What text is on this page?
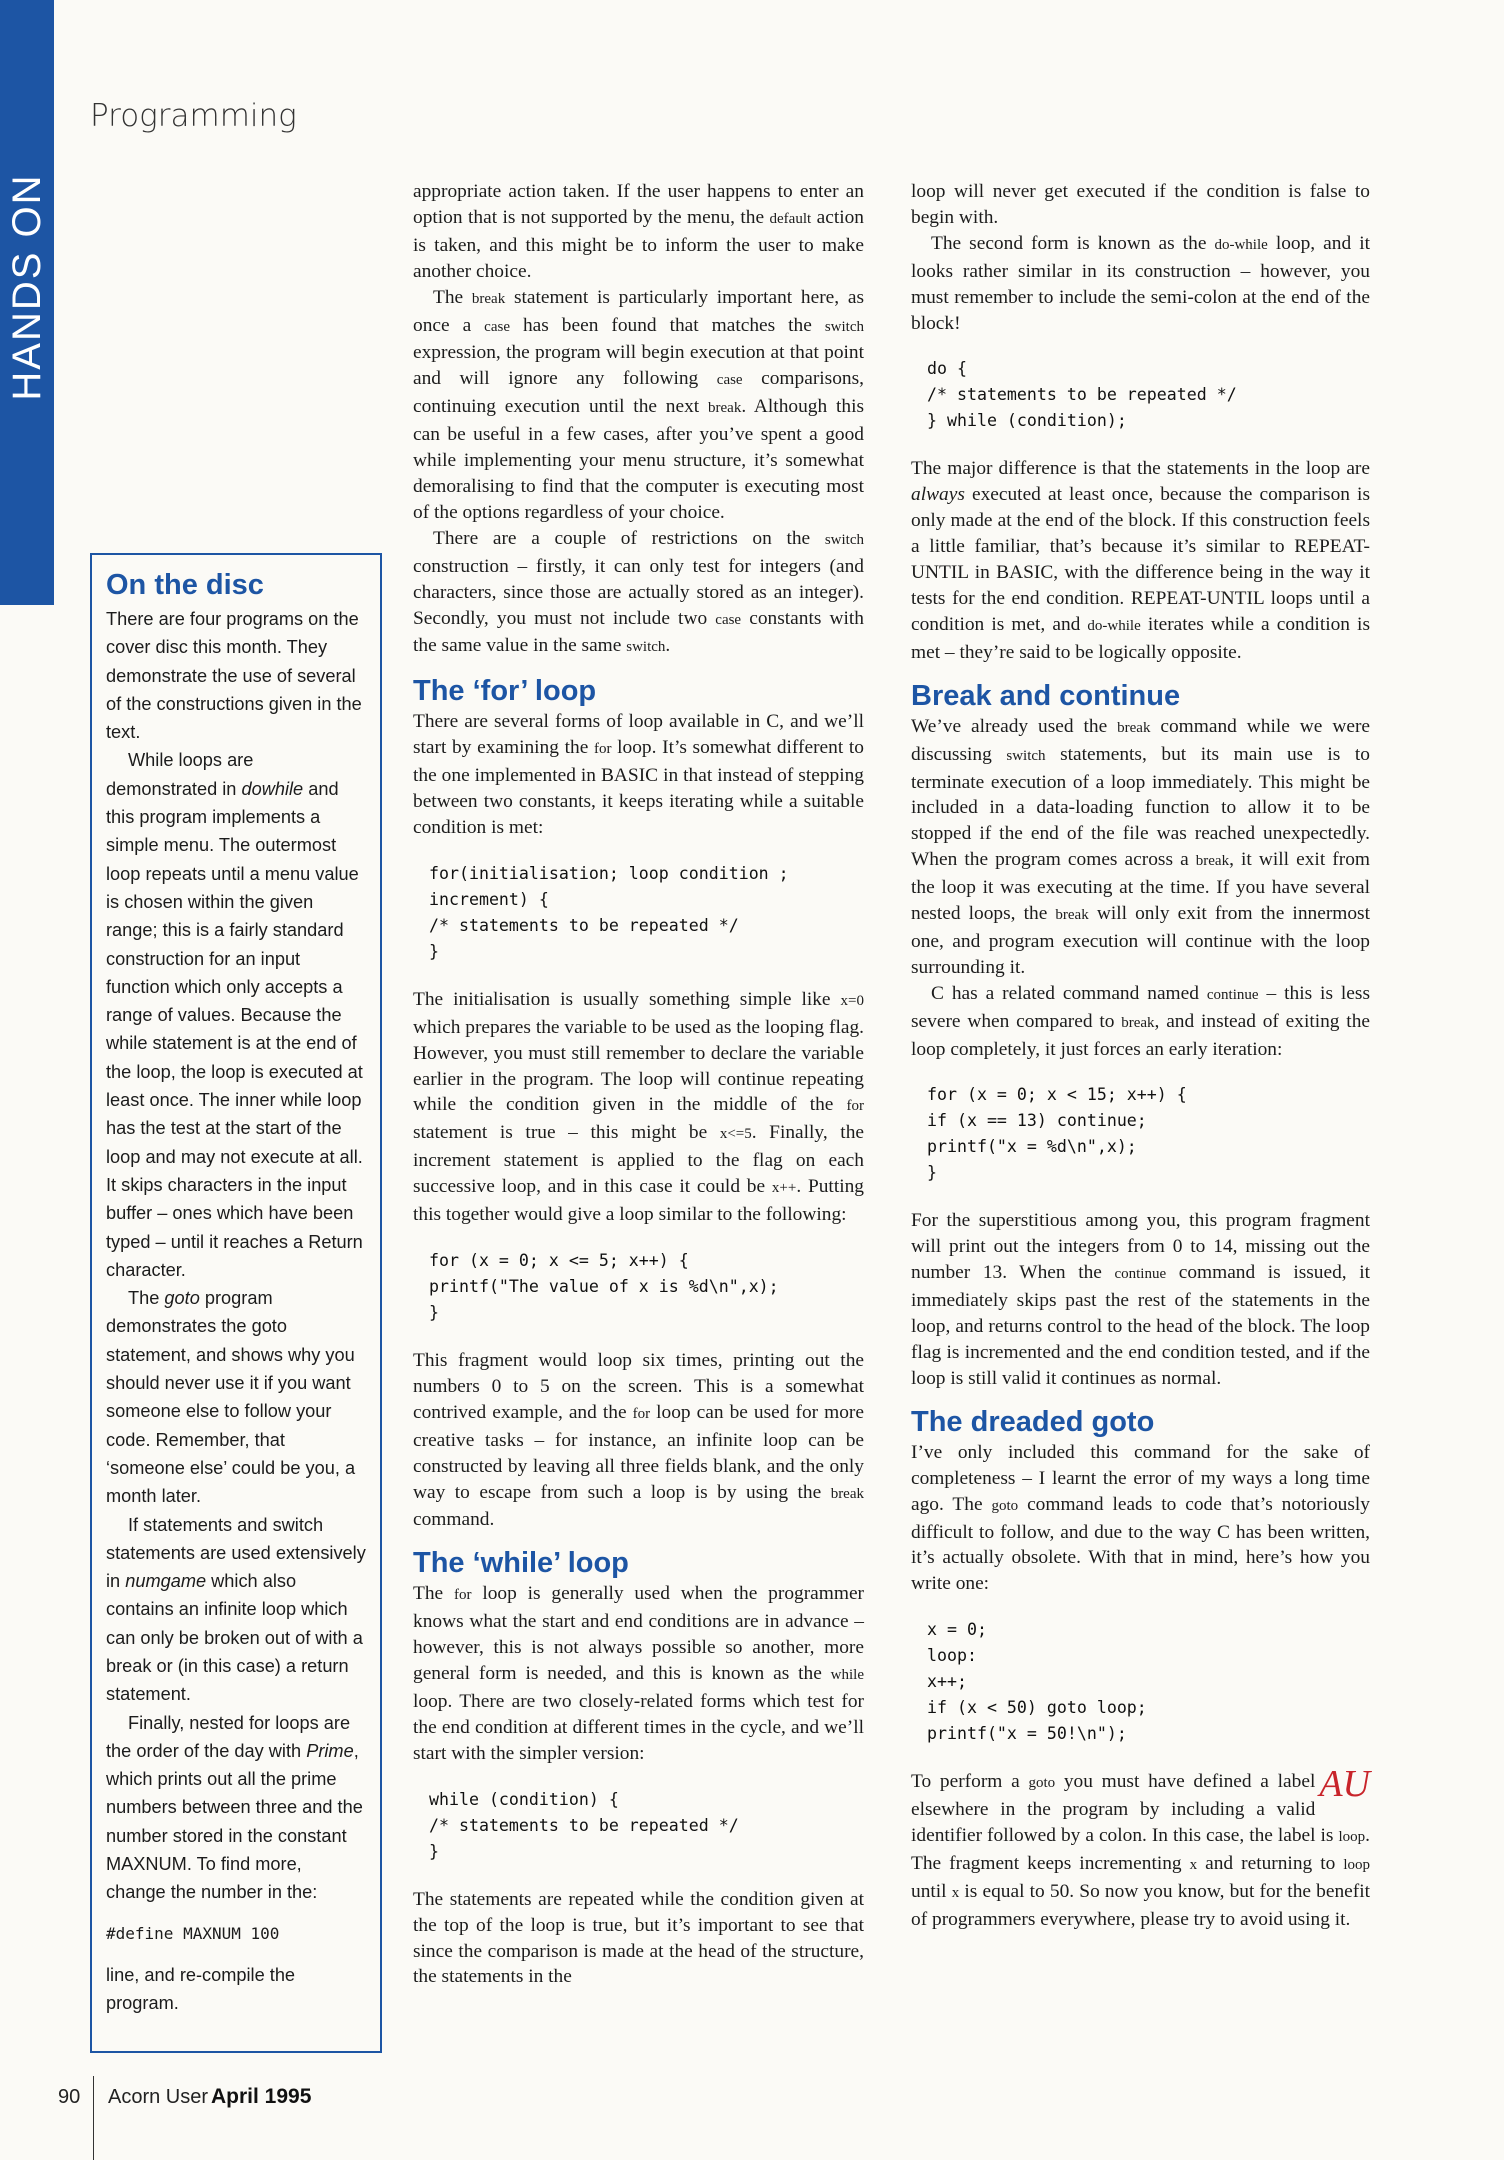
HANDS ON
Programming
On the disc

There are four programs on the cover disc this month. They demonstrate the use of several of the constructions given in the text.

While loops are demonstrated in dowhile and this program implements a simple menu. The outermost loop repeats until a menu value is chosen within the given range; this is a fairly standard construction for an input function which only accepts a range of values. Because the while statement is at the end of the loop, the loop is executed at least once. The inner while loop has the test at the start of the loop and may not execute at all. It skips characters in the input buffer – ones which have been typed – until it reaches a Return character.

The goto program demonstrates the goto statement, and shows why you should never use it if you want someone else to follow your code. Remember, that ‘someone else’ could be you, a month later.

If statements and switch statements are used extensively in numgame which also contains an infinite loop which can only be broken out of with a break or (in this case) a return statement.

Finally, nested for loops are the order of the day with Prime, which prints out all the prime numbers between three and the number stored in the constant MAXNUM. To find more, change the number in the:

#define MAXNUM 100

line, and re-compile the program.

appropriate action taken. If the user happens to enter an option that is not supported by the menu, the default action is taken, and this might be to inform the user to make another choice.

The break statement is particularly important here, as once a case has been found that matches the switch expression, the program will begin execution at that point and will ignore any following case comparisons, continuing execution until the next break. Although this can be useful in a few cases, after you’ve spent a good while implementing your menu structure, it’s somewhat demoralising to find that the computer is executing most of the options regardless of your choice.

There are a couple of restrictions on the switch construction – firstly, it can only test for integers (and characters, since those are actually stored as an integer). Secondly, you must not include two case constants with the same value in the same switch.

The ‘for’ loop

There are several forms of loop available in C, and we’ll start by examining the for loop. It’s somewhat different to the one implemented in BASIC in that instead of stepping between two constants, it keeps iterating while a suitable condition is met:

for(initialisation; loop condition ;
increment) {
/* statements to be repeated */
}

The initialisation is usually something simple like x=0 which prepares the variable to be used as the looping flag. However, you must still remember to declare the variable earlier in the program. The loop will continue repeating while the condition given in the middle of the for statement is true – this might be x<=5. Finally, the increment statement is applied to the flag on each successive loop, and in this case it could be x++. Putting this together would give a loop similar to the following:

for (x = 0; x <= 5; x++) {
printf("The value of x is %d\n",x);
}

This fragment would loop six times, printing out the numbers 0 to 5 on the screen. This is a somewhat contrived example, and the for loop can be used for more creative tasks – for instance, an infinite loop can be constructed by leaving all three fields blank, and the only way to escape from such a loop is by using the break command.

The ‘while’ loop

The for loop is generally used when the programmer knows what the start and end conditions are in advance – however, this is not always possible so another, more general form is needed, and this is known as the while loop. There are two closely-related forms which test for the end condition at different times in the cycle, and we’ll start with the simpler version:

while (condition) {
/* statements to be repeated */
}

The statements are repeated while the condition given at the top of the loop is true, but it’s important to see that since the comparison is made at the head of the structure, the statements in the

loop will never get executed if the condition is false to begin with.

The second form is known as the do-while loop, and it looks rather similar in its construction – however, you must remember to include the semi-colon at the end of the block!

do {
/* statements to be repeated */
} while (condition);

The major difference is that the statements in the loop are always executed at least once, because the comparison is only made at the end of the block. If this construction feels a little familiar, that’s because it’s similar to REPEAT-UNTIL in BASIC, with the difference being in the way it tests for the end condition. REPEAT-UNTIL loops until a condition is met, and do-while iterates while a condition is met – they’re said to be logically opposite.

Break and continue

We’ve already used the break command while we were discussing switch statements, but its main use is to terminate execution of a loop immediately. This might be included in a data-loading function to allow it to be stopped if the end of the file was reached unexpectedly. When the program comes across a break, it will exit from the loop it was executing at the time. If you have several nested loops, the break will only exit from the innermost one, and program execution will continue with the loop surrounding it.

C has a related command named continue – this is less severe when compared to break, and instead of exiting the loop completely, it just forces an early iteration:

for (x = 0; x < 15; x++) {
if (x == 13) continue;
printf("x = %d\n",x);
}

For the superstitious among you, this program fragment will print out the integers from 0 to 14, missing out the number 13. When the continue command is issued, it immediately skips past the rest of the statements in the loop, and returns control to the head of the block. The loop flag is incremented and the end condition tested, and if the loop is still valid it continues as normal.

The dreaded goto

I’ve only included this command for the sake of completeness – I learnt the error of my ways a long time ago. The goto command leads to code that’s notoriously difficult to follow, and due to the way C has been written, it’s actually obsolete. With that in mind, here’s how you write one:

x = 0;
loop:
x++;
if (x < 50) goto loop;
printf("x = 50!\n");

AU
To perform a goto you must have defined a label elsewhere in the program by including a valid identifier followed by a colon. In this case, the label is loop. The fragment keeps incrementing x and returning to loop until x is equal to 50. So now you know, but for the benefit of programmers everywhere, please try to avoid using it.

90 Acorn User April 1995
